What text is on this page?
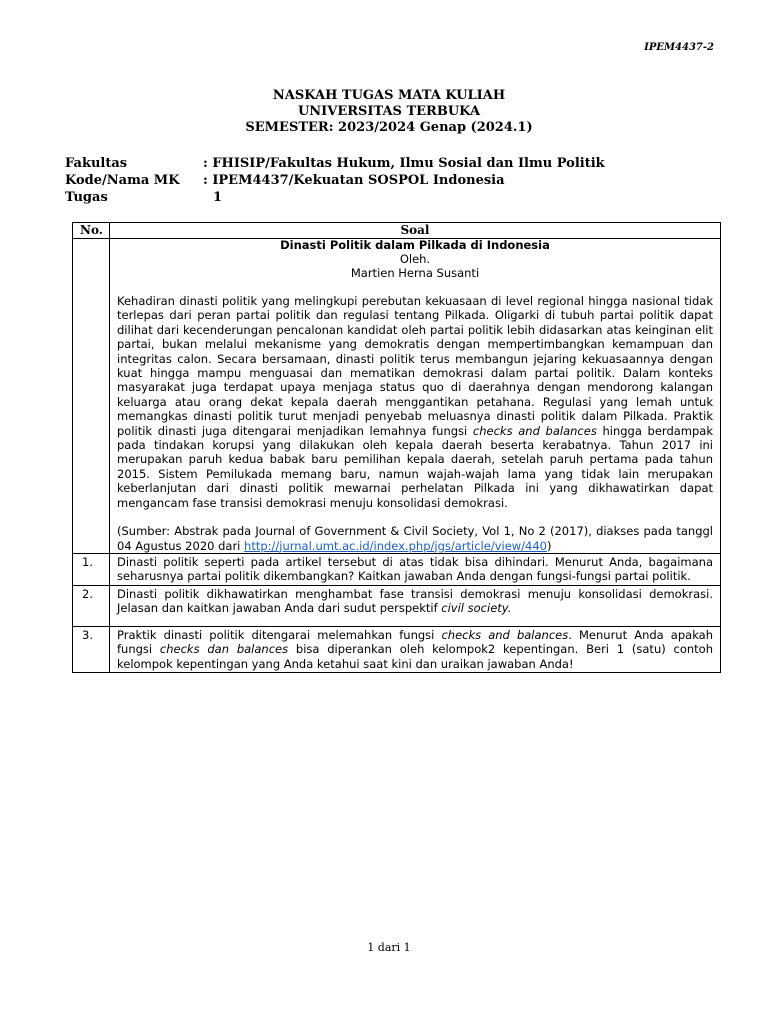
IPEM4437-2
NASKAH TUGAS MATA KULIAH
UNIVERSITAS TERBUKA
SEMESTER: 2023/2024 Genap (2024.1)
Fakultas	: FHISIP/Fakultas Hukum, Ilmu Sosial dan Ilmu Politik
Kode/Nama MK	: IPEM4437/Kekuatan SOSPOL Indonesia
Tugas	1
No.	Soal

	Dinasti Politik dalam Pilkada di Indonesia
Oleh.
Martien Herna Susanti
Kehadiran dinasti politik yang melingkupi perebutan kekuasaan di level regional hingga nasional tidak terlepas dari peran partai politik dan regulasi tentang Pilkada. Oligarki di tubuh partai politik dapat dilihat dari kecenderungan pencalonan kandidat oleh partai politik lebih didasarkan atas keinginan elit partai, bukan melalui mekanisme yang demokratis dengan mempertimbangkan kemampuan dan integritas calon. Secara bersamaan, dinasti politik terus membangun jejaring kekuasaannya dengan kuat hingga mampu menguasai dan mematikan demokrasi dalam partai politik. Dalam konteks masyarakat juga terdapat upaya menjaga status quo di daerahnya dengan mendorong kalangan keluarga atau orang dekat kepala daerah menggantikan petahana. Regulasi yang lemah untuk memangkas dinasti politik turut menjadi penyebab meluasnya dinasti politik dalam Pilkada. Praktik politik dinasti juga ditengarai menjadikan lemahnya fungsi checks and balances hingga berdampak pada tindakan korupsi yang dilakukan oleh kepala daerah beserta kerabatnya. Tahun 2017 ini merupakan paruh kedua babak baru pemilihan kepala daerah, setelah paruh pertama pada tahun 2015. Sistem Pemilukada memang baru, namun wajah-wajah lama yang tidak lain merupakan keberlanjutan dari dinasti politik mewarnai perhelatan Pilkada ini yang dikhawatirkan dapat mengancam fase transisi demokrasi menuju konsolidasi demokrasi.
(Sumber: Abstrak pada Journal of Government & Civil Society, Vol 1, No 2 (2017), diakses pada tanggl 04 Agustus 2020 dari http://jurnal.umt.ac.id/index.php/jgs/article/view/440)

1.	Dinasti politik seperti pada artikel tersebut di atas tidak bisa dihindari. Menurut Anda, bagaimana seharusnya partai politik dikembangkan? Kaitkan jawaban Anda dengan fungsi-fungsi partai politik.
2.	Dinasti politik dikhawatirkan menghambat fase transisi demokrasi menuju konsolidasi demokrasi. Jelasan dan kaitkan jawaban Anda dari sudut perspektif civil society.
3.	Praktik dinasti politik ditengarai melemahkan fungsi checks and balances. Menurut Anda apakah fungsi checks dan balances bisa diperankan oleh kelompok2 kepentingan. Beri 1 (satu) contoh kelompok kepentingan yang Anda ketahui saat kini dan uraikan jawaban Anda!
1 dari 1
